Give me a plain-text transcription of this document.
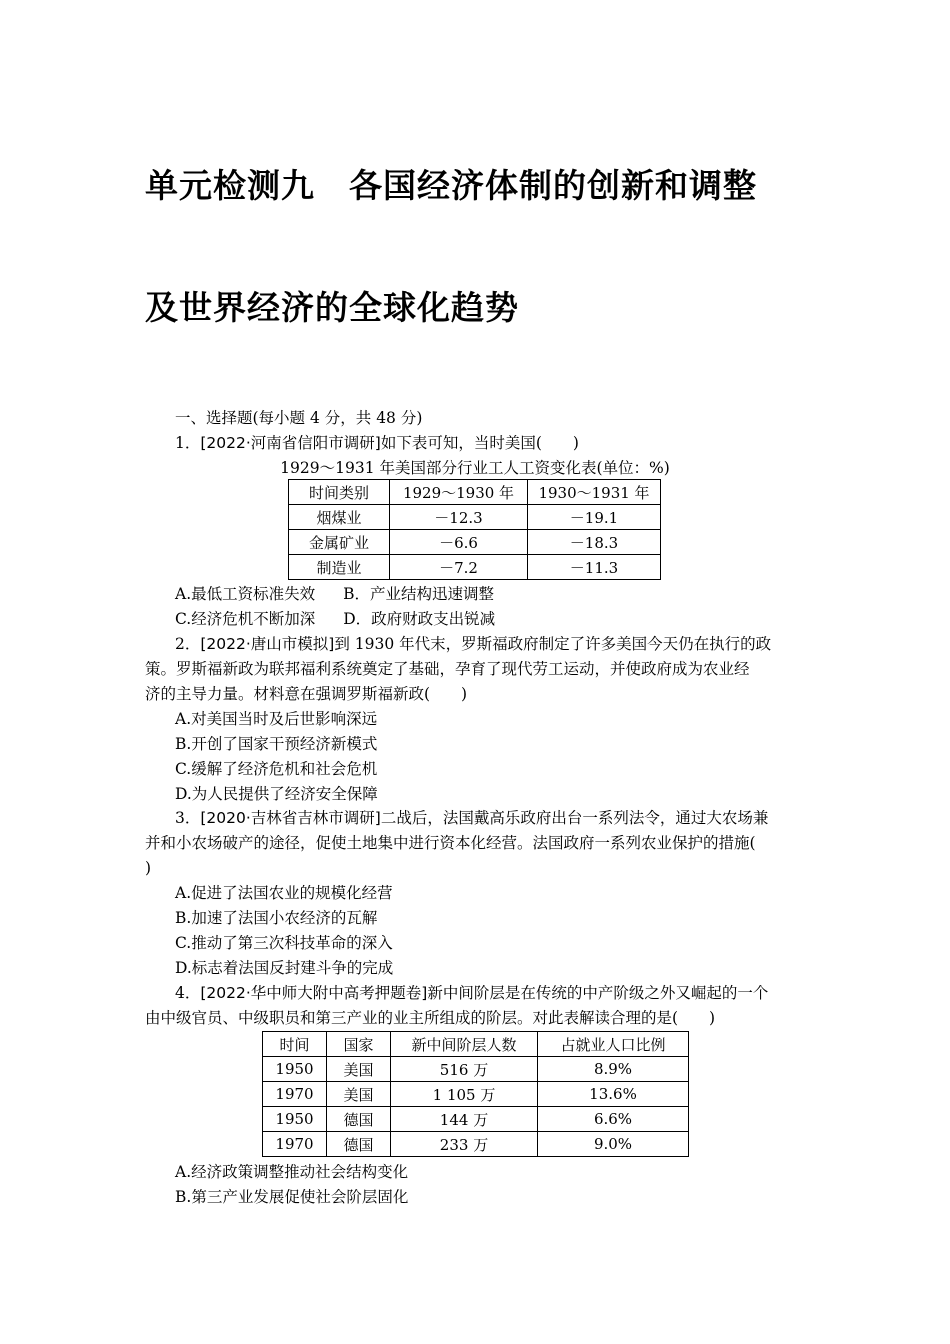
单元检测九　各国经济体制的创新和调整
及世界经济的全球化趋势
一、选择题(每小题 4 分，共 48 分)
1．[2022·河南省信阳市调研]如下表可知，当时美国(　　)
1929～1931 年美国部分行业工人工资变化表(单位：%)
时间类别	1929～1930 年	1930～1931 年
烟煤业	－12.3	－19.1
金属矿业	－6.6	－18.3
制造业	－7.2	－11.3
A.最低工资标准失效 B．产业结构迅速调整
C.经济危机不断加深 D．政府财政支出锐减
2．[2022·唐山市模拟]到 1930 年代末，罗斯福政府制定了许多美国今天仍在执行的政
策。罗斯福新政为联邦福利系统奠定了基础，孕育了现代劳工运动，并使政府成为农业经
济的主导力量。材料意在强调罗斯福新政(　　)
A.对美国当时及后世影响深远
B.开创了国家干预经济新模式
C.缓解了经济危机和社会危机
D.为人民提供了经济安全保障
3．[2020·吉林省吉林市调研]二战后，法国戴高乐政府出台一系列法令，通过大农场兼
并和小农场破产的途径，促使土地集中进行资本化经营。法国政府一系列农业保护的措施(
)
A.促进了法国农业的规模化经营
B.加速了法国小农经济的瓦解
C.推动了第三次科技革命的深入
D.标志着法国反封建斗争的完成
4．[2022·华中师大附中高考押题卷]新中间阶层是在传统的中产阶级之外又崛起的一个
由中级官员、中级职员和第三产业的业主所组成的阶层。对此表解读合理的是(　　)
时间	国家	新中间阶层人数	占就业人口比例
1950	美国	516 万	8.9%
1970	美国	1 105 万	13.6%
1950	德国	144 万	6.6%
1970	德国	233 万	9.0%
A.经济政策调整推动社会结构变化
B.第三产业发展促使社会阶层固化
